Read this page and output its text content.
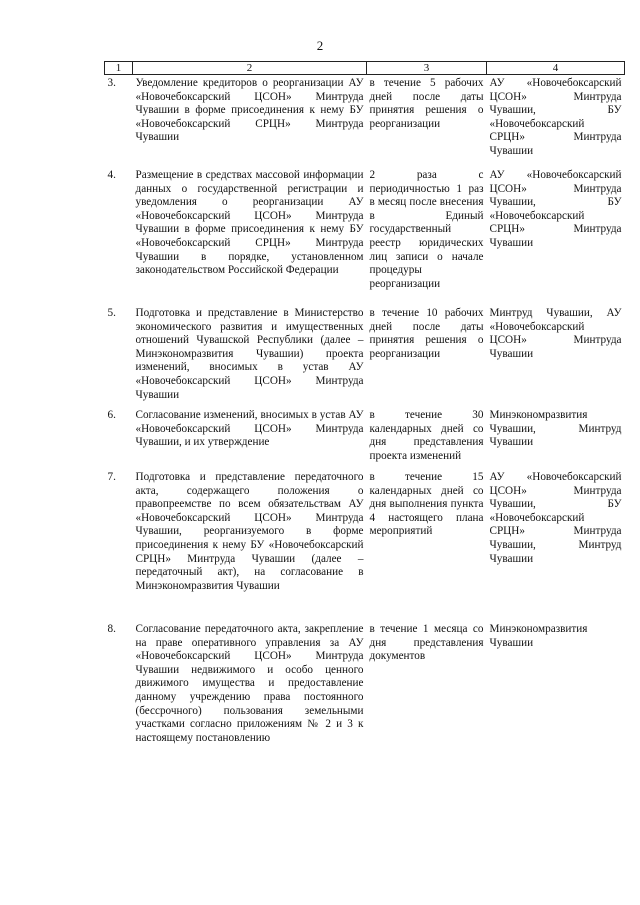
2
1	2	3	4
3.	Уведомление кредиторов о реорганизации АУ «Новочебоксарский ЦСОН» Минтруда Чувашии в форме присоединения к нему БУ «Новочебоксарский СРЦН» Минтруда Чувашии	в течение 5 рабочих дней после даты принятия решения о реорганизации	АУ «Новочебоксарский ЦСОН» Минтруда Чувашии, БУ «Новочебоксарский СРЦН» Минтруда Чувашии
4.	Размещение в средствах массовой информации данных о государственной регистрации и уведомления о реорганизации АУ «Новочебоксарский ЦСОН» Минтруда Чувашии в форме присоединения к нему БУ «Новочебоксарский СРЦН» Минтруда Чувашии в порядке, установленном законодательством Российской Федерации	2 раза с периодичностью 1 раз в месяц после внесения в Единый государственный реестр юридических лиц записи о начале процедуры реорганизации	АУ «Новочебоксарский ЦСОН» Минтруда Чувашии, БУ «Новочебоксарский СРЦН» Минтруда Чувашии
5.	Подготовка и представление в Министерство экономического развития и имущественных отношений Чувашской Республики (далее – Минэкономразвития Чувашии) проекта изменений, вносимых в устав АУ «Новочебоксарский ЦСОН» Минтруда Чувашии	в течение 10 рабочих дней после даты принятия решения о реорганизации	Минтруд Чувашии, АУ «Новочебоксарский ЦСОН» Минтруда Чувашии
6.	Согласование изменений, вносимых в устав АУ «Новочебоксарский ЦСОН» Минтруда Чувашии, и их утверждение	в течение 30 календарных дней со дня представления проекта изменений	Минэкономразвития Чувашии, Минтруд Чувашии
7.	Подготовка и представление передаточного акта, содержащего положения о правопреемстве по всем обязательствам АУ «Новочебоксарский ЦСОН» Минтруда Чувашии, реорганизуемого в форме присоединения к нему БУ «Новочебоксарский СРЦН» Минтруда Чувашии (далее – передаточный акт), на согласование в Минэкономразвития Чувашии	в течение 15 календарных дней со дня выполнения пункта 4 настоящего плана мероприятий	АУ «Новочебоксарский ЦСОН» Минтруда Чувашии, БУ «Новочебоксарский СРЦН» Минтруда Чувашии, Минтруд Чувашии
8.	Согласование передаточного акта, закрепление на праве оперативного управления за АУ «Новочебоксарский ЦСОН» Минтруда Чувашии недвижимого и особо ценного движимого имущества и предоставление данному учреждению права постоянного (бессрочного) пользования земельными участками согласно приложениям № 2 и 3 к настоящему постановлению	в течение 1 месяца со дня представления документов	Минэкономразвития Чувашии
